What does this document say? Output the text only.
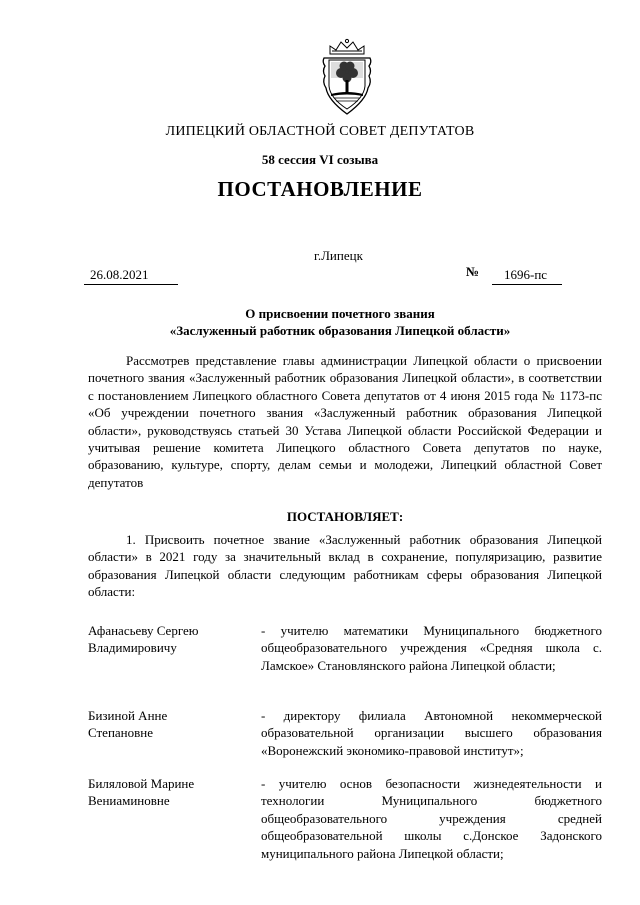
ЛИПЕЦКИЙ ОБЛАСТНОЙ СОВЕТ ДЕПУТАТОВ
58 сессия VI созыва
ПОСТАНОВЛЕНИЕ
г.Липецк
26.08.2021	№	1696-пс
О присвоении почетного звания
«Заслуженный работник образования Липецкой области»

Рассмотрев представление главы администрации Липецкой области о присвоении почетного звания «Заслуженный работник образования Липецкой области», в соответствии с постановлением Липецкого областного Совета депутатов от 4 июня 2015 года № 1173-пс «Об учреждении почетного звания «Заслуженный работник образования Липецкой области», руководствуясь статьей 30 Устава Липецкой области Российской Федерации и учитывая решение комитета Липецкого областного Совета депутатов по науке, образованию, культуре, спорту, делам семьи и молодежи, Липецкий областной Совет депутатов

ПОСТАНОВЛЯЕТ:

1. Присвоить почетное звание «Заслуженный работник образования Липецкой области» в 2021 году за значительный вклад в сохранение, популяризацию, развитие образования Липецкой области следующим работникам сферы образования Липецкой области:

Афанасьеву Сергею
Владимировичу
- учителю математики Муниципального бюджетного общеобразовательного учреждения «Средняя школа с. Ламское» Становлянского района Липецкой области;
Бизиной Анне
Степановне
- директору филиала Автономной некоммерческой образовательной организации высшего образования «Воронежский экономико-правовой институт»;
Биляловой Марине
Вениаминовне
- учителю основ безопасности жизнедеятельности и технологии Муниципального бюджетного общеобразовательного учреждения средней общеобразовательной школы с.Донское Задонского муниципального района Липецкой области;
